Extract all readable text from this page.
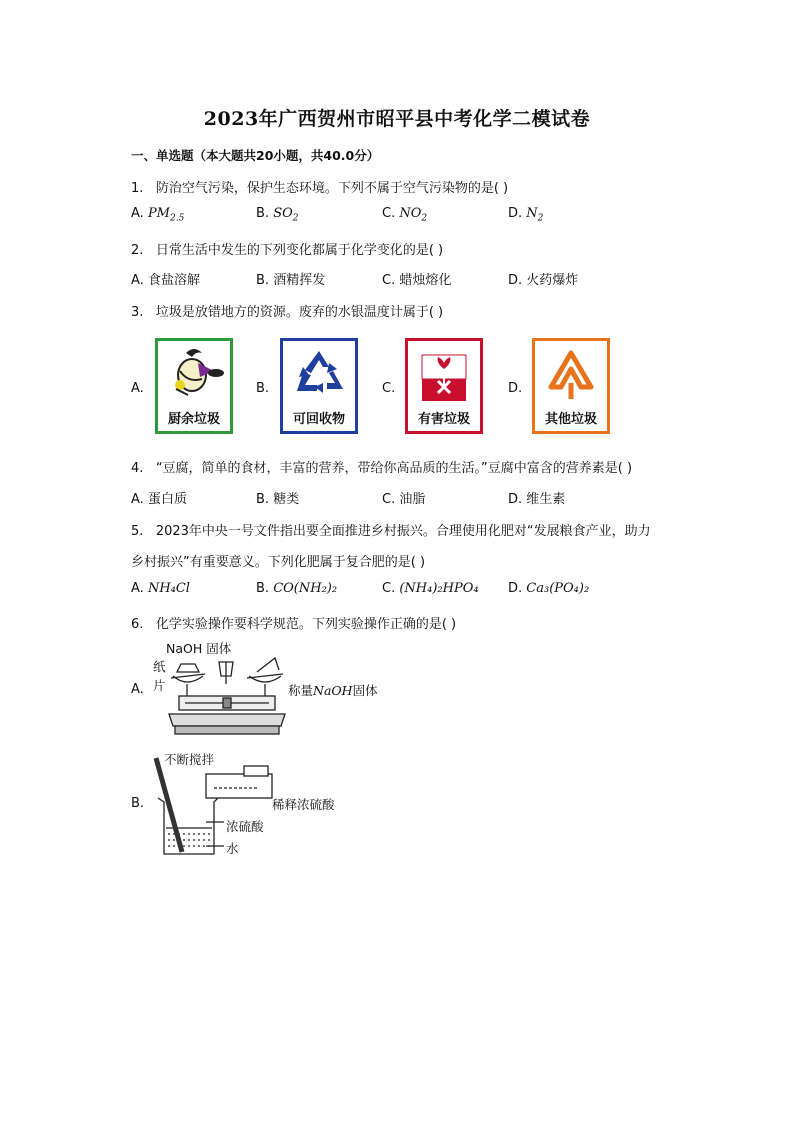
2023年广西贺州市昭平县中考化学二模试卷
一、单选题（本大题共20小题，共40.0分）
1. 防治空气污染，保护生态环境。下列不属于空气污染物的是( )
A. $PM_{2.5}$	B. $SO_2$	C. $NO_2$	D. $N_2$
2. 日常生活中发生的下列变化都属于化学变化的是( )
A. 食盐溶解	B. 酒精挥发	C. 蜡烛熔化	D. 火药爆炸
3. 垃圾是放错地方的资源。废弃的水银温度计属于( )
A.
厨余垃圾
B.
可回收物
C.
有害垃圾
D.
其他垃圾
4. “豆腐，简单的食材，丰富的营养，带给你高品质的生活。”豆腐中富含的营养素是( )
A. 蛋白质	B. 糖类	C. 油脂	D. 维生素
5. 2023年中央一号文件指出要全面推进乡村振兴。合理使用化肥对“发展粮食产业，助力
乡村振兴”有重要意义。下列化肥属于复合肥的是( )
A. NH₄Cl	B. CO(NH₂)₂	C. (NH₄)₂HPO₄ D. Ca₃(PO₄)₂
6. 化学实验操作要科学规范。下列实验操作正确的是( )
A.
NaOH 固体
纸
片	称量NaOH固体
B.
不断搅拌
稀释浓硫酸
浓硫酸
水
